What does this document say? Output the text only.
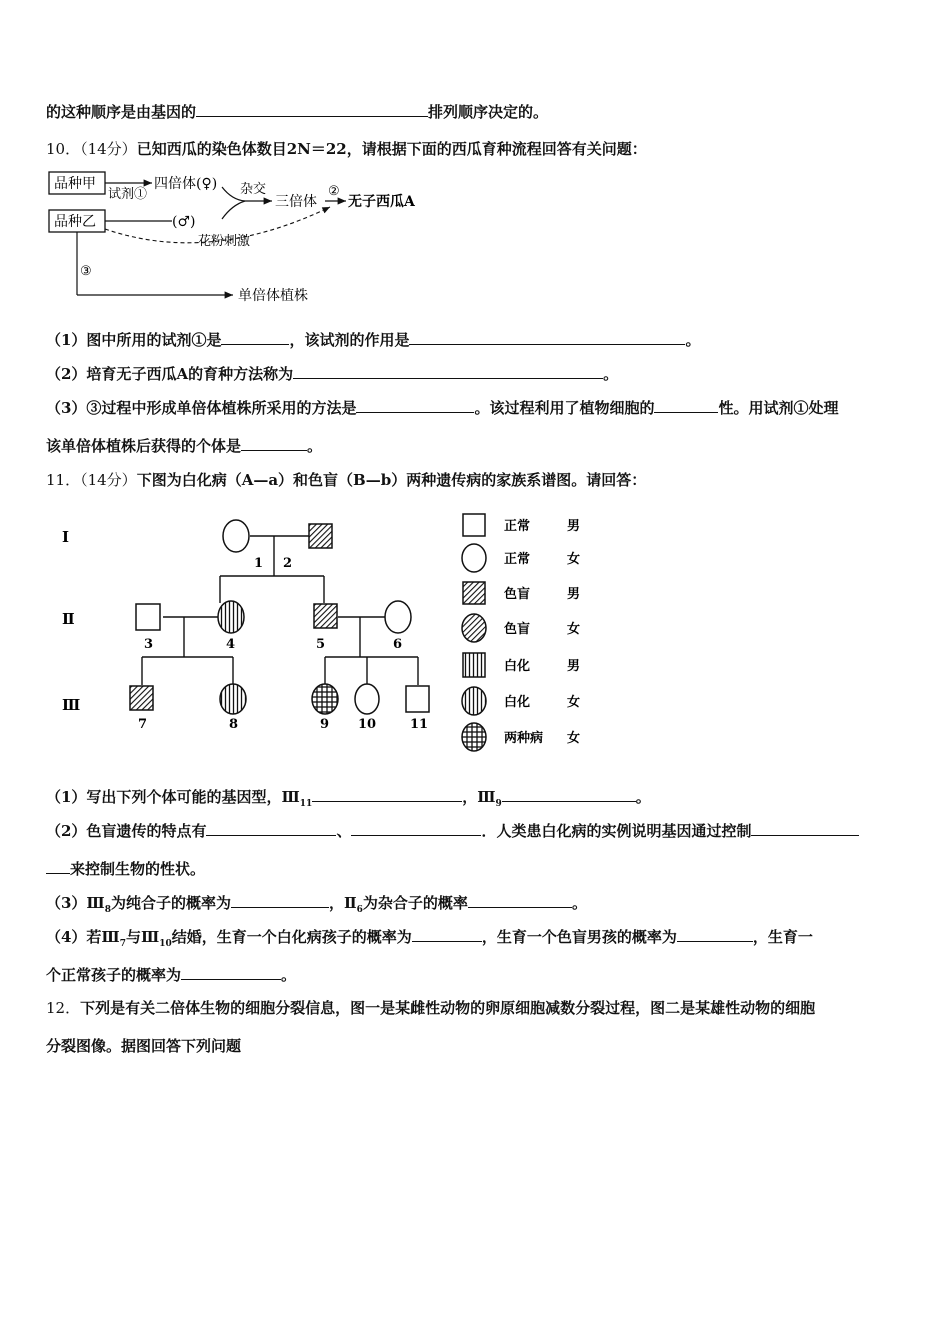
的这种顺序是由基因的	排列顺序决定的。
10．（14分）已知西瓜的染色体数目2N＝22，请根据下面的西瓜育种流程回答有关问题：
品种甲
品种乙
试剂①
四倍体(♀)
(♂)
杂交
三倍体
②
无子西瓜A
花粉刺激
③
单倍体植株
（1）图中所用的试剂①是	，该试剂的作用是	。
（2）培育无子西瓜A的育种方法称为	。
（3）③过程中形成单倍体植株所采用的方法是	。该过程利用了植物细胞的	性。用试剂①处理
该单倍体植株后获得的个体是	。
11．（14分）下图为白化病（A—a）和色盲（B—b）两种遗传病的家族系谱图。请回答：
Ⅰ
Ⅱ
Ⅲ
1 2
3	4	5	6
7	8	9 10	11
正常	男
正常	女
色盲	男
色盲	女
白化	男
白化	女
两种病 女
（1）写出下列个体可能的基因型，$Ⅲ_{11}$	，$Ⅲ_9$	。
（2）色盲遗传的特点有	、	．人类患白化病的实例说明基因通过控制
来控制生物的性状。
$(3)Ⅲ_8$为纯合子的概率为	，$Ⅱ_6$为杂合子的概率	。
（4）若$Ⅲ_7$与$Ⅲ_{10}$结婚，生育一个白化病孩子的概率为	，生育一个色盲男孩的概率为	，生育一
个正常孩子的概率为	。
12．下列是有关二倍体生物的细胞分裂信息，图一是某雌性动物的卵原细胞减数分裂过程，图二是某雄性动物的细胞
分裂图像。据图回答下列问题
